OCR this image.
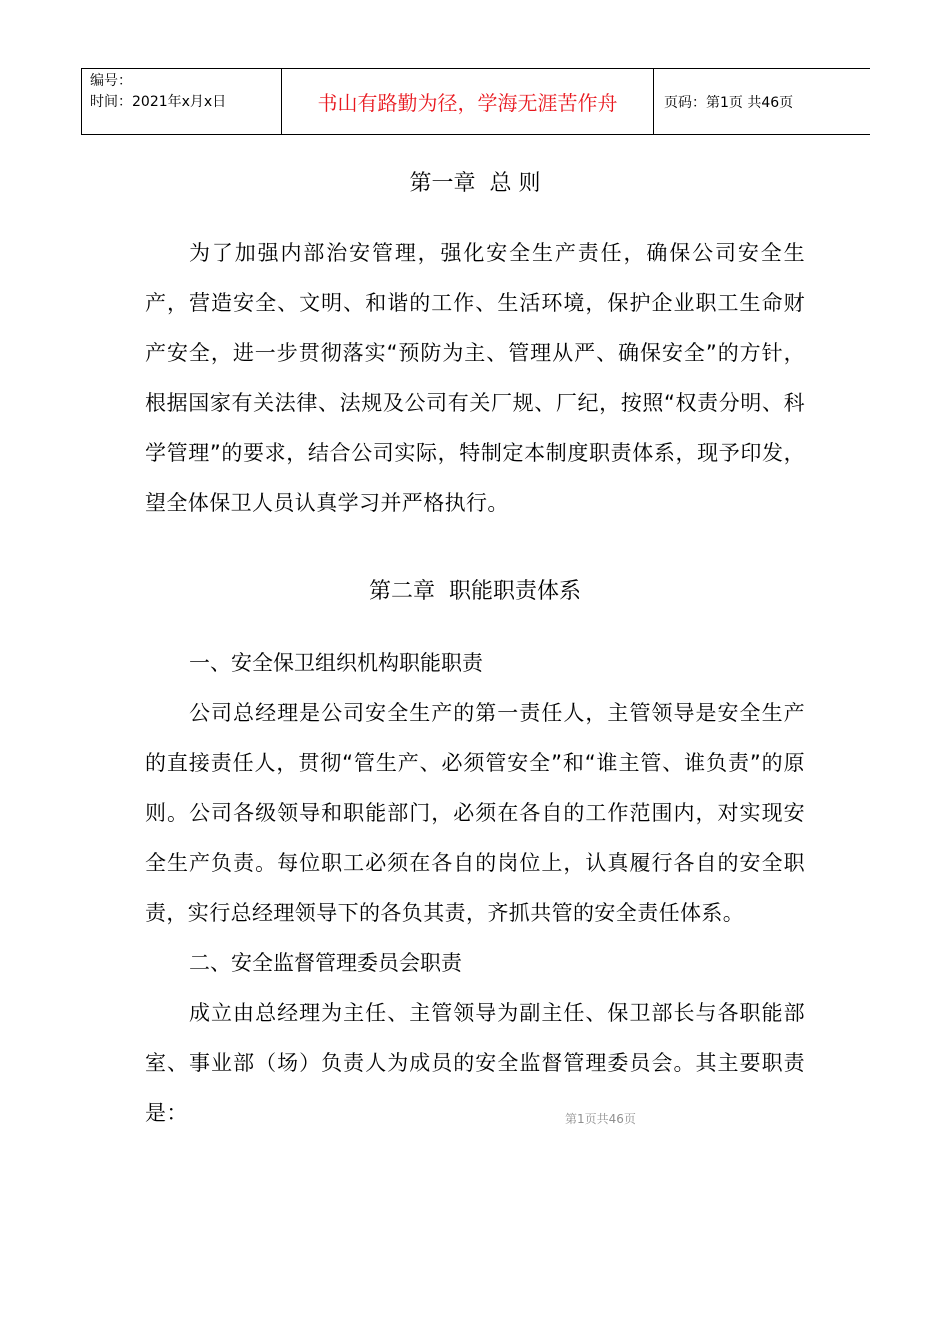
编号：
时间：2021年x月x日	书山有路勤为径，学海无涯苦作舟	页码：第1页 共46页
第一章  总 则

为了加强内部治安管理，强化安全生产责任，确保公司安全生产，营造安全、文明、和谐的工作、生活环境，保护企业职工生命财产安全，进一步贯彻落实“预防为主、管理从严、确保安全”的方针，根据国家有关法律、法规及公司有关厂规、厂纪，按照“权责分明、科学管理”的要求，结合公司实际，特制定本制度职责体系，现予印发，望全体保卫人员认真学习并严格执行。

第二章  职能职责体系

一、安全保卫组织机构职能职责

公司总经理是公司安全生产的第一责任人，主管领导是安全生产的直接责任人，贯彻“管生产、必须管安全”和“谁主管、谁负责”的原则。公司各级领导和职能部门，必须在各自的工作范围内，对实现安全生产负责。每位职工必须在各自的岗位上，认真履行各自的安全职责，实行总经理领导下的各负其责，齐抓共管的安全责任体系。

二、安全监督管理委员会职责

成立由总经理为主任、主管领导为副主任、保卫部长与各职能部室、事业部（场）负责人为成员的安全监督管理委员会。其主要职责是：	第1页共46页
